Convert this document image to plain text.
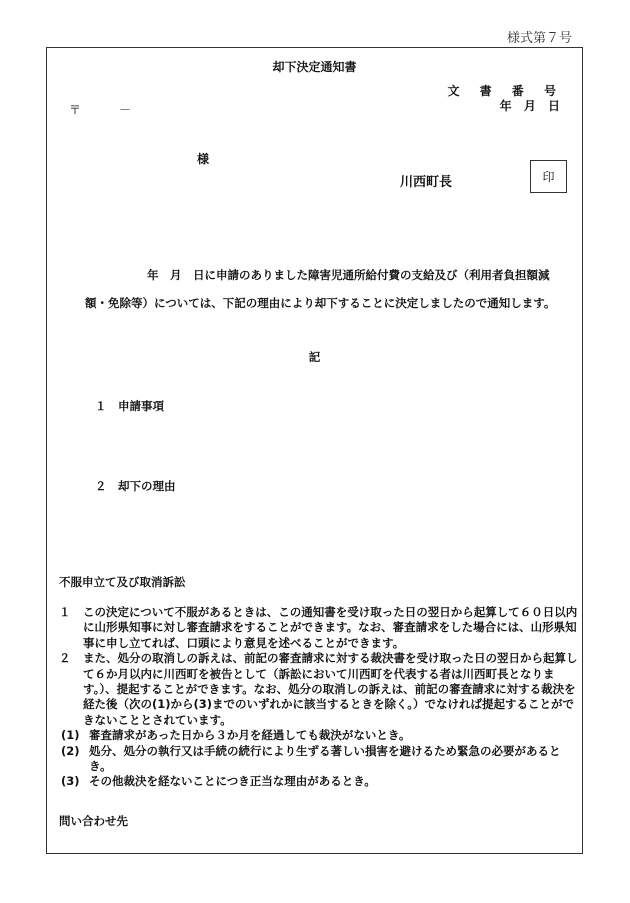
様式第７号
却下決定通知書
文 書 番 号
年 月 日
〒	－
様
川西町長	印
年　月　日に申請のありました障害児通所給付費の支給及び（利用者負担額減額・免除等）については、下記の理由により却下することに決定しましたので通知します。
記
１　申請事項
２　却下の理由
不服申立て及び取消訴訟
１	この決定について不服があるときは、この通知書を受け取った日の翌日から起算して６０日以内に山形県知事に対し審査請求をすることができます。なお、審査請求をした場合には、山形県知事に申し立てれば、口頭により意見を述べることができます。
２	また、処分の取消しの訴えは、前記の審査請求に対する裁決書を受け取った日の翌日から起算して６か月以内に川西町を被告として（訴訟において川西町を代表する者は川西町長となります。）、提起することができます。なお、処分の取消しの訴えは、前記の審査請求に対する裁決を経た後（次の(1)から(3)までのいずれかに該当するときを除く。）でなければ提起することができないこととされています。
(1) 審査請求があった日から３か月を経過しても裁決がないとき。
(2) 処分、処分の執行又は手続の続行により生ずる著しい損害を避けるため緊急の必要があるとき。
(3) その他裁決を経ないことにつき正当な理由があるとき。
問い合わせ先
